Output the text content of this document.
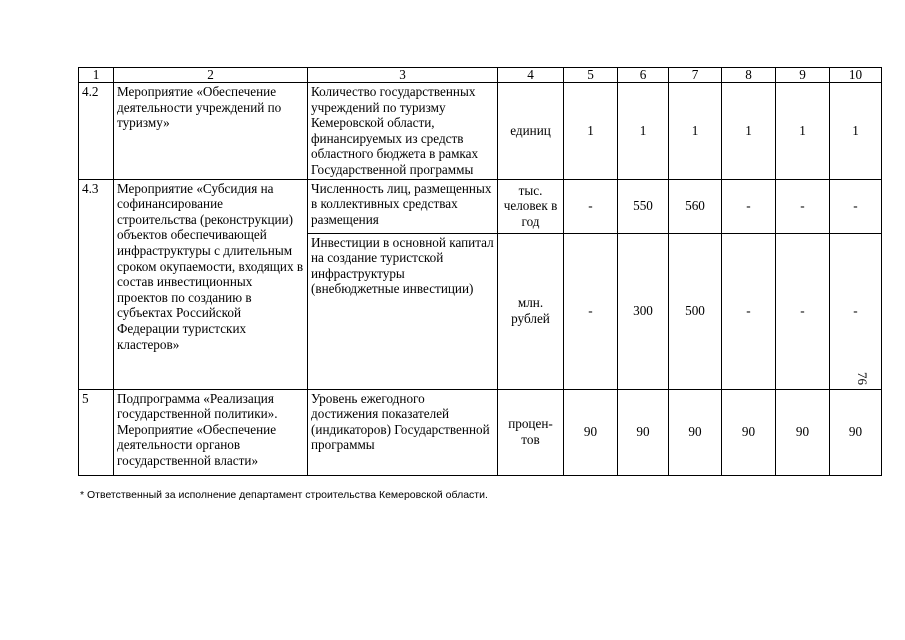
1	2	3	4	5	6	7	8	9	10
4.2	Мероприятие «Обеспечение деятельности учреждений по туризму»	Количество государственных учреждений по туризму Кемеровской области, финансируемых из средств областного бюджета в рамках Государственной программы	единиц	1	1	1	1	1	1
4.3	Мероприятие «Субсидия на софинансирование строительства (реконструкции) объектов обеспечивающей инфраструктуры с длительным сроком окупаемости, входящих в состав инвестиционных проектов по созданию в субъектах Российской Федерации туристских кластеров»	Численность лиц, размещенных в коллективных средствах размещения	тыс. человек в год	-	550	560	-	-	-
		Инвестиции в основной капитал на создание туристской инфраструктуры (внебюджетные инвестиции)	млн. рублей	-	300	500	-	-	-
5	Подпрограмма «Реализация государственной политики». Мероприятие «Обеспечение деятельности органов государственной власти»	Уровень ежегодного достижения показателей (индикаторов) Государственной программы	процен-тов	90	90	90	90	90	90
* Ответственный за исполнение департамент строительства Кемеровской области.
76
